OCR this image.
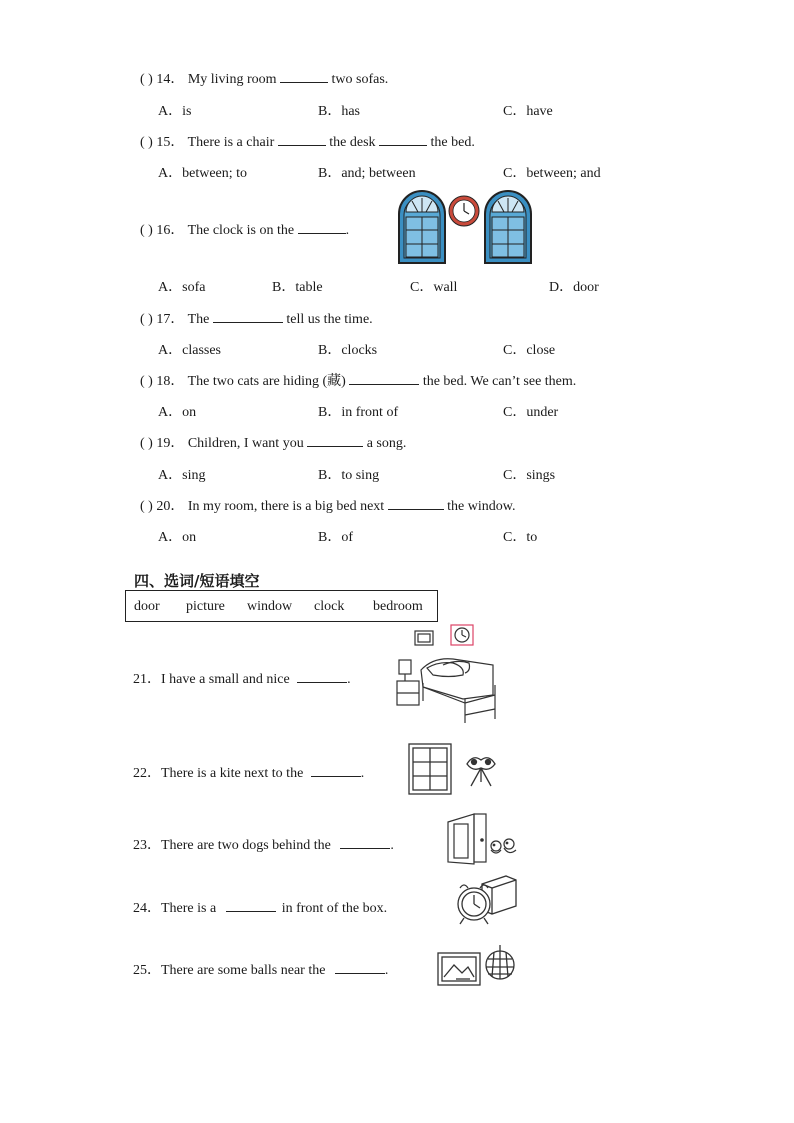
( ) 14． My living room	two sofas.
A．is	B．has	C．have
( ) 15． There is a chair	the desk	the bed.
A．between; to	B．and; between	C．between; and
( ) 16． The clock is on the	.
A．sofa	B．table	C．wall	D．door
( ) 17． The	tell us the time.
A．classes	B．clocks	C．close
( ) 18． The two cats are hiding (藏)	the bed. We can’t see them.
A．on	B．in front of	C．under
( ) 19． Children, I want you	a song.
A．sing	B．to sing	C．sings
( ) 20． In my room, there is a big bed next	the window.
A．on	B．of	C．to
四、选词/短语填空
door picture window clock bedroom
21．I have a small and nice	.
22．There is a kite next to the	.
23．There are two dogs behind the	.
24．There is a	in front of the box.
25．There are some balls near the	.
